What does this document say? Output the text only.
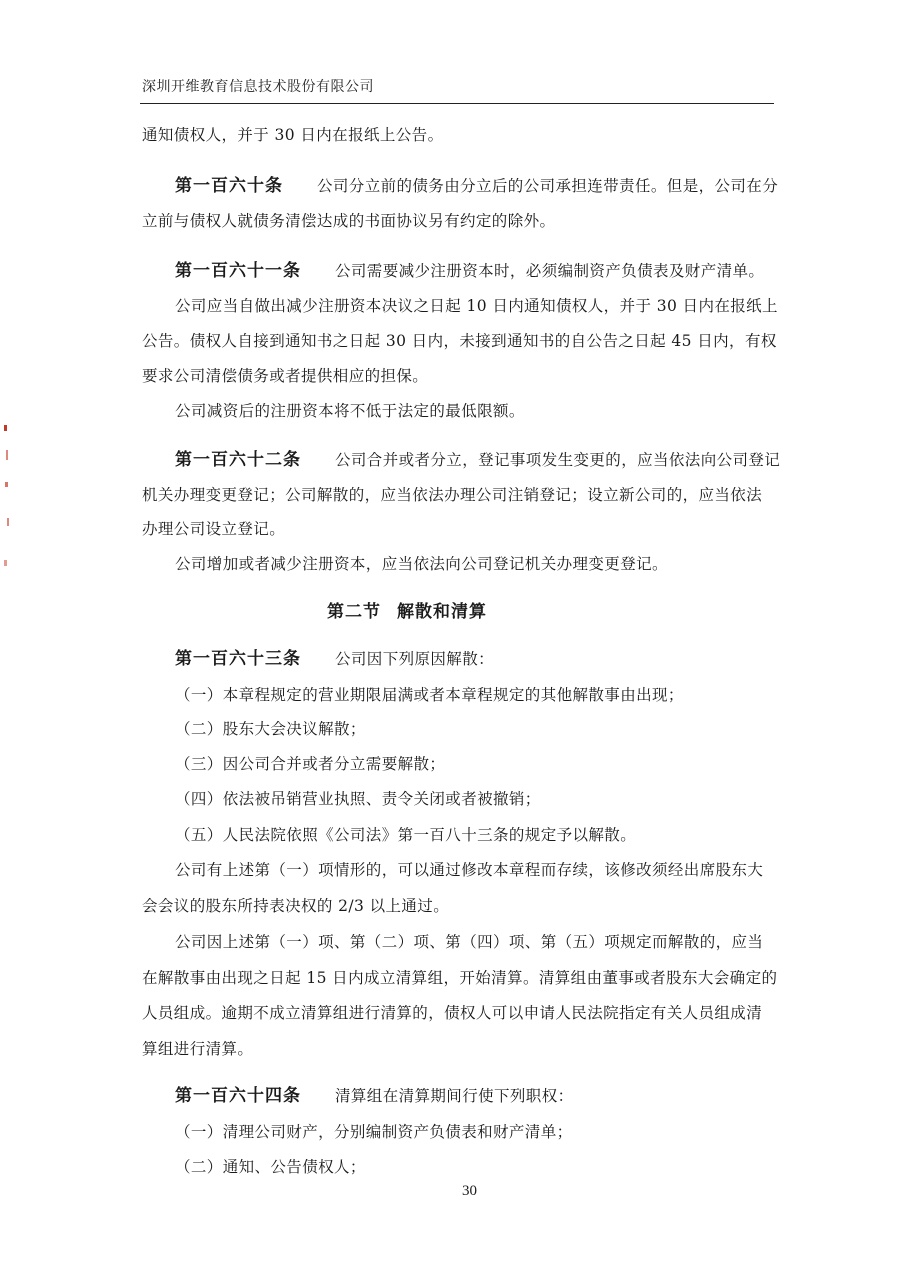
深圳开维教育信息技术股份有限公司
通知债权人，并于 30 日内在报纸上公告。
第一百六十条 公司分立前的债务由分立后的公司承担连带责任。但是，公司在分
立前与债权人就债务清偿达成的书面协议另有约定的除外。
第一百六十一条 公司需要减少注册资本时，必须编制资产负债表及财产清单。
公司应当自做出减少注册资本决议之日起 10 日内通知债权人，并于 30 日内在报纸上
公告。债权人自接到通知书之日起 30 日内，未接到通知书的自公告之日起 45 日内，有权
要求公司清偿债务或者提供相应的担保。
公司减资后的注册资本将不低于法定的最低限额。
第一百六十二条 公司合并或者分立，登记事项发生变更的，应当依法向公司登记
机关办理变更登记；公司解散的，应当依法办理公司注销登记；设立新公司的，应当依法
办理公司设立登记。
公司增加或者减少注册资本，应当依法向公司登记机关办理变更登记。
第二节 解散和清算
第一百六十三条 公司因下列原因解散：
（一）本章程规定的营业期限届满或者本章程规定的其他解散事由出现；
（二）股东大会决议解散；
（三）因公司合并或者分立需要解散；
（四）依法被吊销营业执照、责令关闭或者被撤销；
（五）人民法院依照《公司法》第一百八十三条的规定予以解散。
公司有上述第（一）项情形的，可以通过修改本章程而存续，该修改须经出席股东大
会会议的股东所持表决权的 2/3 以上通过。
公司因上述第（一）项、第（二）项、第（四）项、第（五）项规定而解散的，应当
在解散事由出现之日起 15 日内成立清算组，开始清算。清算组由董事或者股东大会确定的
人员组成。逾期不成立清算组进行清算的，债权人可以申请人民法院指定有关人员组成清
算组进行清算。
第一百六十四条 清算组在清算期间行使下列职权：
（一）清理公司财产，分别编制资产负债表和财产清单；
（二）通知、公告债权人；
30
